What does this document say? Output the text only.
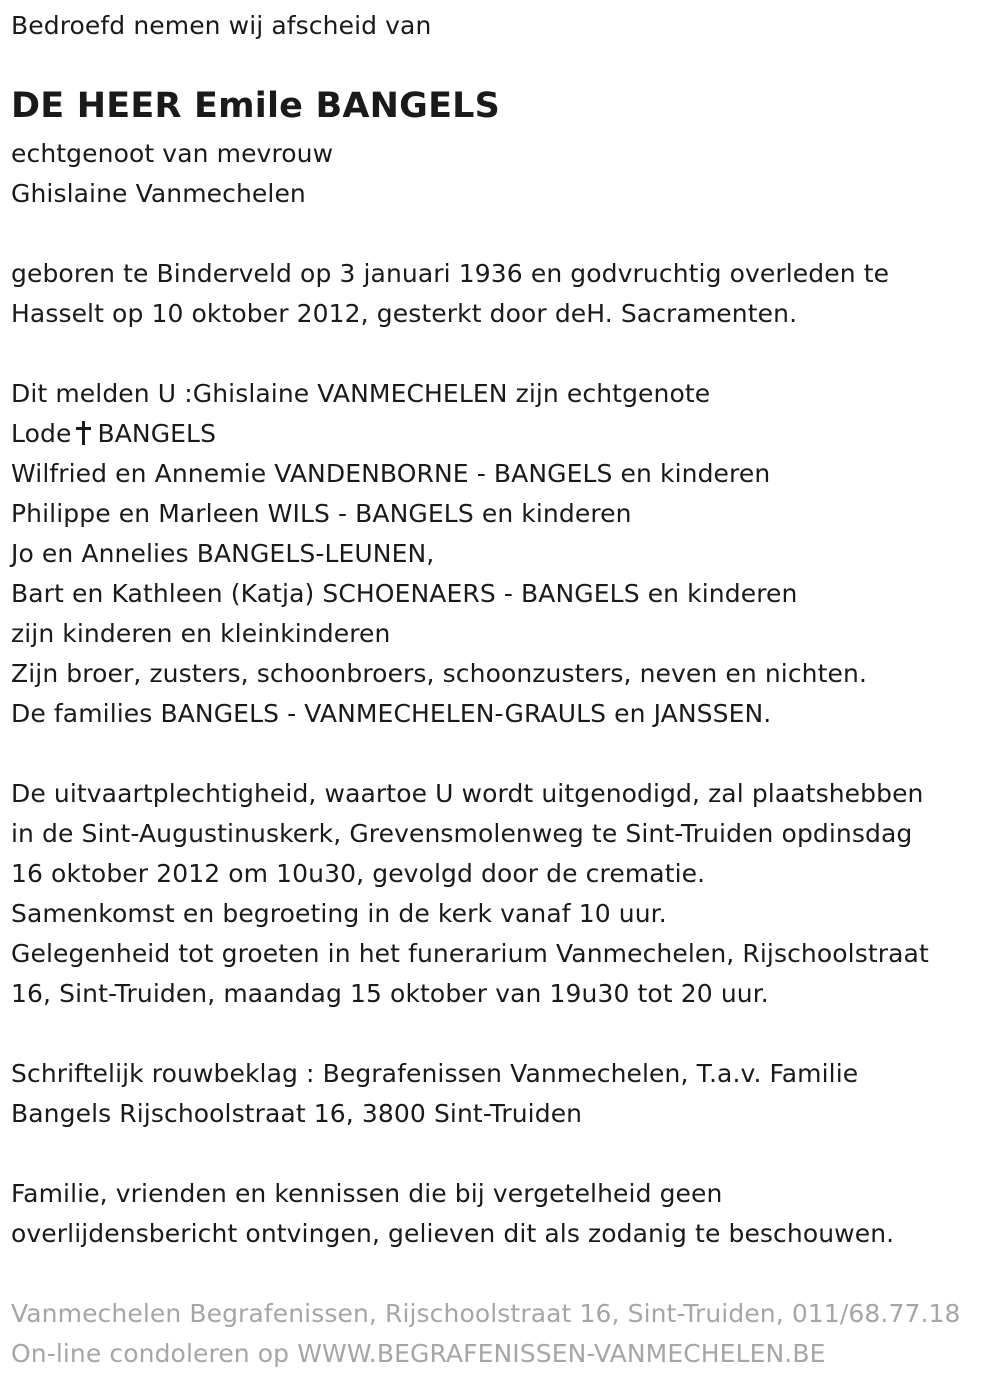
Bedroefd nemen wij afscheid van
DE HEER Emile BANGELS
echtgenoot van mevrouw
Ghislaine Vanmechelen
geboren te Binderveld op 3 januari 1936 en godvruchtig overleden te
Hasselt op 10 oktober 2012, gesterkt door deH. Sacramenten.
Dit melden U :Ghislaine VANMECHELEN zijn echtgenote
Lode BANGELS
Wilfried en Annemie VANDENBORNE - BANGELS en kinderen
Philippe en Marleen WILS - BANGELS en kinderen
Jo en Annelies BANGELS-LEUNEN,
Bart en Kathleen (Katja) SCHOENAERS - BANGELS en kinderen
zijn kinderen en kleinkinderen
Zijn broer, zusters, schoonbroers, schoonzusters, neven en nichten.
De families BANGELS - VANMECHELEN-GRAULS en JANSSEN.
De uitvaartplechtigheid, waartoe U wordt uitgenodigd, zal plaatshebben
in de Sint-Augustinuskerk, Grevensmolenweg te Sint-Truiden opdinsdag
16 oktober 2012 om 10u30, gevolgd door de crematie.
Samenkomst en begroeting in de kerk vanaf 10 uur.
Gelegenheid tot groeten in het funerarium Vanmechelen, Rijschoolstraat
16, Sint-Truiden, maandag 15 oktober van 19u30 tot 20 uur.
Schriftelijk rouwbeklag : Begrafenissen Vanmechelen, T.a.v. Familie
Bangels Rijschoolstraat 16, 3800 Sint-Truiden
Familie, vrienden en kennissen die bij vergetelheid geen
overlijdensbericht ontvingen, gelieven dit als zodanig te beschouwen.
Vanmechelen Begrafenissen, Rijschoolstraat 16, Sint-Truiden, 011/68.77.18
On-line condoleren op WWW.BEGRAFENISSEN-VANMECHELEN.BE
